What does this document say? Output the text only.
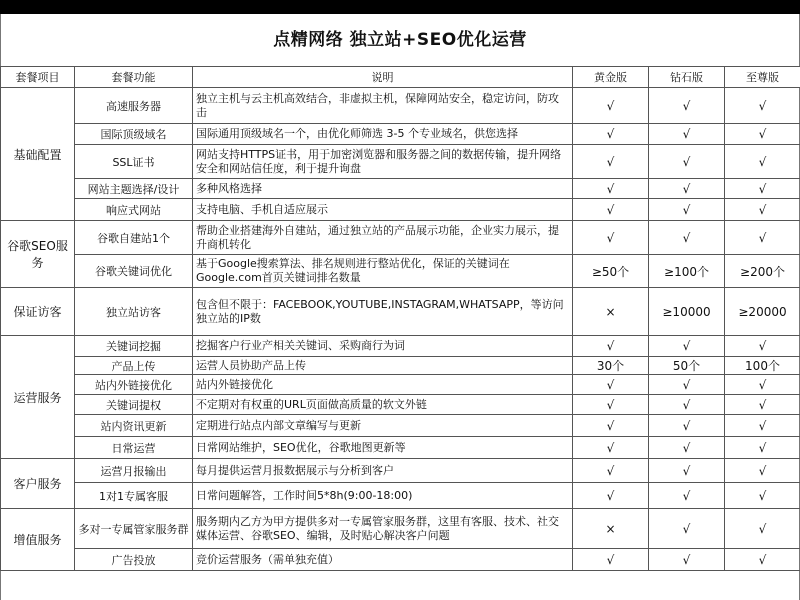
点精网络 独立站+SEO优化运营
套餐项目	套餐功能	说明	黄金版	钻石版	至尊版
基础配置	高速服务器	独立主机与云主机高效结合，非虚拟主机，保障网站安全，稳定访问，防攻击	√	√	√
	国际顶级域名	国际通用顶级域名一个，由优化师筛选 3-5 个专业域名，供您选择	√	√	√
	SSL证书	网站支持HTTPS证书，用于加密浏览器和服务器之间的数据传输，提升网络安全和网站信任度，利于提升询盘	√	√	√
	网站主题选择/设计	多种风格选择	√	√	√
	响应式网站	支持电脑、手机自适应展示	√	√	√
谷歌SEO服务	谷歌自建站1个	帮助企业搭建海外自建站，通过独立站的产品展示功能，企业实力展示，提升商机转化	√	√	√
	谷歌关键词优化	基于Google搜索算法、排名规则进行整站优化，保证的关键词在Google.com首页关键词排名数量	≥50个	≥100个	≥200个
保证访客	独立站访客	包含但不限于：FACEBOOK,YOUTUBE,INSTAGRAM,WHATSAPP，等访问独立站的IP数	×	≥10000	≥20000
运营服务	关键词挖掘	挖掘客户行业产相关关键词、采购商行为词	√	√	√
	产品上传	运营人员协助产品上传	30个	50个	100个
	站内外链接优化	站内外链接优化	√	√	√
	关键词提权	不定期对有权重的URL页面做高质量的软文外链	√	√	√
	站内资讯更新	定期进行站点内部文章编写与更新	√	√	√
	日常运营	日常网站维护，SEO优化，谷歌地图更新等	√	√	√
客户服务	运营月报输出	每月提供运营月报数据展示与分析到客户	√	√	√
	1对1专属客服	日常问题解答，工作时间5*8h(9:00-18:00)	√	√	√
增值服务	多对一专属管家服务群	服务期内乙方为甲方提供多对一专属管家服务群，这里有客服、技术、社交媒体运营、谷歌SEO、编辑，及时贴心解决客户问题	×	√	√
	广告投放	竞价运营服务（需单独充值）	√	√	√
